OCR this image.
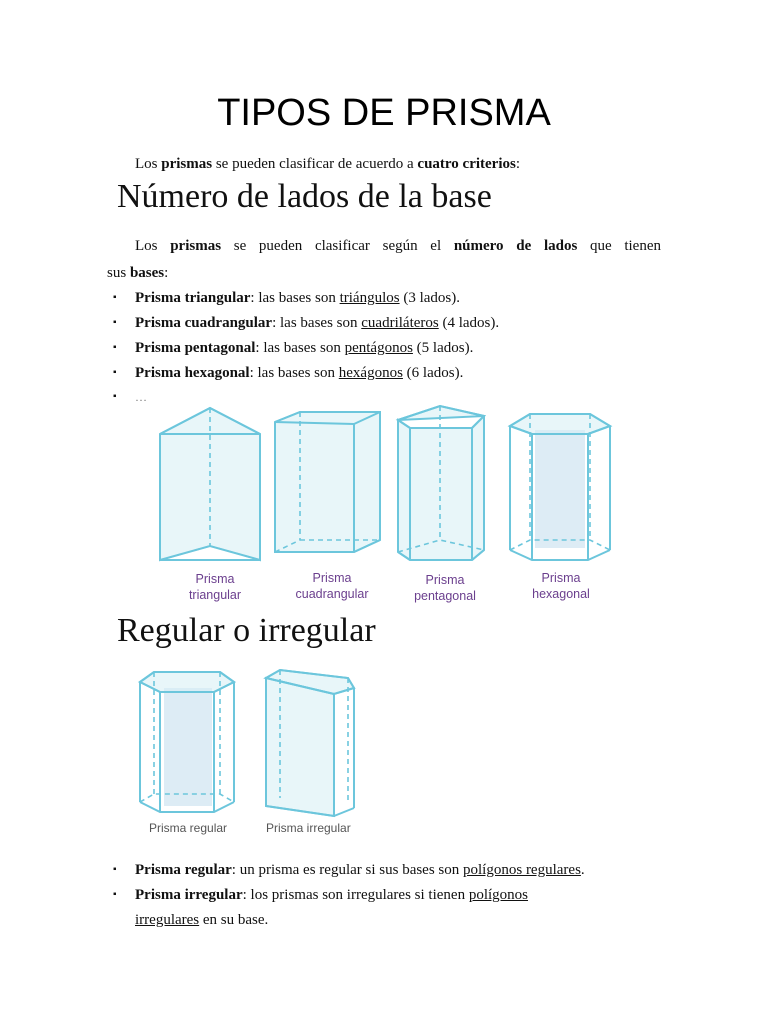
TIPOS DE PRISMA
Los prismas se pueden clasificar de acuerdo a cuatro criterios:
Número de lados de la base
Los prismas se pueden clasificar según el número de lados que tienen
sus bases:
▪ Prisma triangular: las bases son triángulos (3 lados).
▪ Prisma cuadrangular: las bases son cuadriláteros (4 lados).
▪ Prisma pentagonal: las bases son pentágonos (5 lados).
▪ Prisma hexagonal: las bases son hexágonos (6 lados).
▪ …
Prisma
triangular
Prisma
cuadrangular
Prisma
pentagonal
Prisma
hexagonal
Regular o irregular
Prisma regular	Prisma irregular
▪ Prisma regular: un prisma es regular si sus bases son polígonos regulares.
▪ Prisma irregular: los prismas son irregulares si tienen polígonos
irregulares en su base.
